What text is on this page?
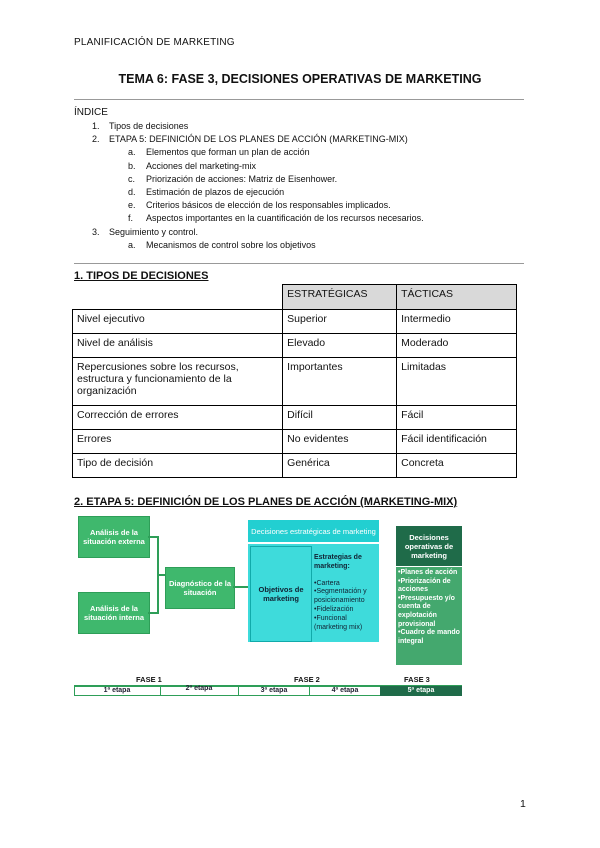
PLANIFICACIÓN DE MARKETING
TEMA 6: FASE 3, DECISIONES OPERATIVAS DE MARKETING
ÍNDICE
1. Tipos de decisiones
2. ETAPA 5: DEFINICIÓN DE LOS PLANES DE ACCIÓN (MARKETING-MIX)
a. Elementos que forman un plan de acción
b. Acciones del marketing-mix
c. Priorización de acciones: Matriz de Eisenhower.
d. Estimación de plazos de ejecución
e. Criterios básicos de elección de los responsables implicados.
f. Aspectos importantes en la cuantificación de los recursos necesarios.
3. Seguimiento y control.
a. Mecanismos de control sobre los objetivos
1. TIPOS DE DECISIONES
	ESTRATÉGICAS	TÁCTICAS
Nivel ejecutivo	Superior	Intermedio
Nivel de análisis	Elevado	Moderado
Repercusiones sobre los recursos, estructura y funcionamiento de la organización	Importantes	Limitadas
Corrección de errores	Difícil	Fácil
Errores	No evidentes	Fácil identificación
Tipo de decisión	Genérica	Concreta
2. ETAPA 5: DEFINICIÓN DE LOS PLANES DE ACCIÓN (MARKETING-MIX)
Análisis de la situación externa
Análisis de la situación interna
Diagnóstico de la situación
Decisiones estratégicas de marketing
Objetivos de marketing
Estrategias de marketing:
•Cartera
•Segmentación y posicionamiento
•Fidelización
•Funcional (marketing mix)
Decisiones operativas de marketing
•Planes de acción
•Priorización de acciones
•Presupuesto y/o cuenta de explotación provisional
•Cuadro de mando integral
FASE 1	FASE 2	FASE 3
1ª etapa	2ª etapa	3ª etapa	4ª etapa	5ª etapa
1
